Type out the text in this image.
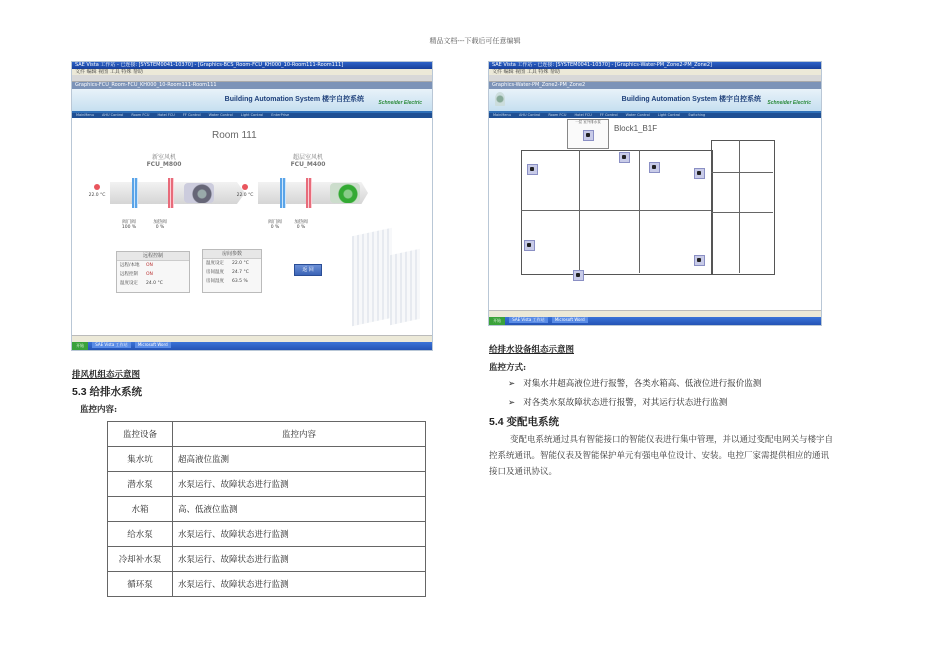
精品文档---下载后可任意编辑
SAE Vista 工作站 - 已连接: [SYSTEM0041-10370] - [Graphics-BCS_Room-FCU_KH000_10-Room111-Room111]
文件 编辑 视图 工具 特殊 帮助
Graphics-FCU_Room-FCU_KH000_10-Room111-Room111
Building Automation System 楼宇自控系统	Schneider Electric
MainMenu AHU Control Room FCU Hotel FCU FF Control Water Control Light Control EnterPrise
Room 111
新室风机
FCU_M800
超层室风机
FCU_M400
22.0 °C
阀门阀
100 %
加热阀
0 %
22.0 °C
阀门阀
0 %
加热阀
0 %
远程控制
远程/本地	ON
远程控制	ON
温度设定	24.0 °C
房间参数
温度设定	22.0 °C
房间温度	24.7 °C
房间湿度	63.5 %
返 回
开始	SAE Vista 工作站	Microsoft Word
SAE Vista 工作站 - 已连接: [SYSTEM0041-10370] - [Graphics-Water-PM_Zone2-PM_Zone2]
文件 编辑 视图 工具 特殊 帮助
Graphics-Water-PM_Zone2-PM_Zone2
Building Automation System 楼宇自控系统 Schneider Electric
MainMenu AHU Control Room FCU Hotel FCU FF Control Water Control Light Control Switching
一层 室外排水泵
Block1_B1F
开始	SAE Vista 工作站	Microsoft Word
排风机组态示意图
5.3 给排水系统
监控内容:
监控设备	监控内容
集水坑	超高液位监测
潜水泵	水泵运行、故障状态进行监测
水箱	高、低液位监测
给水泵	水泵运行、故障状态进行监测
冷却补水泵	水泵运行、故障状态进行监测
循环泵	水泵运行、故障状态进行监测
给排水设备组态示意图
监控方式:
➢ 对集水井超高液位进行报警，各类水箱高、低液位进行报价监测
➢ 对各类水泵故障状态进行报警，对其运行状态进行监测
5.4 变配电系统
变配电系统通过具有智能接口的智能仪表进行集中管理，并以通过变配电网关与楼宇自
控系统通讯。智能仪表及智能保护单元有强电单位设计、安装。电控厂家需提供相应的通讯
接口及通讯协议。
